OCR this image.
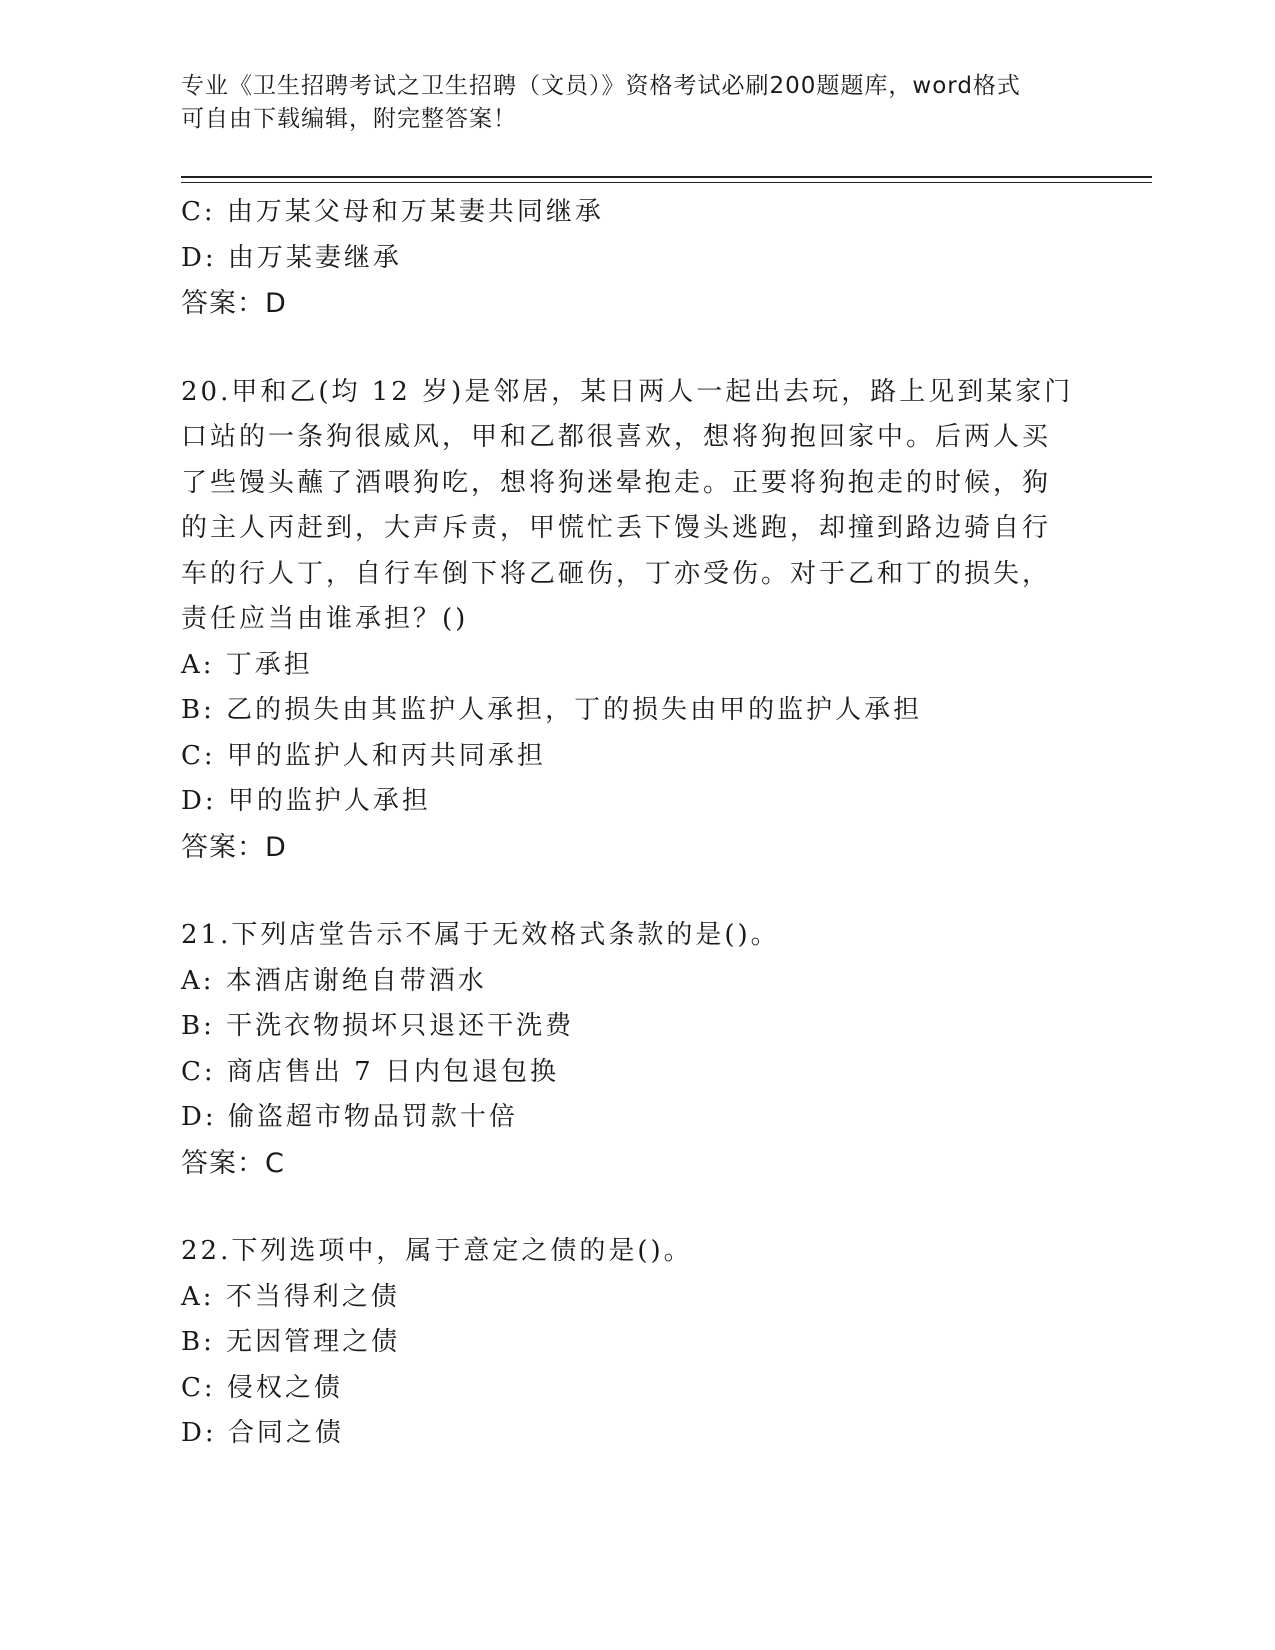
专业《卫生招聘考试之卫生招聘（文员）》资格考试必刷200题题库，word格式
可自由下载编辑，附完整答案！
C: 由万某父母和万某妻共同继承
D: 由万某妻继承
答案：D
20.甲和乙(均 12 岁)是邻居，某日两人一起出去玩，路上见到某家门
口站的一条狗很威风，甲和乙都很喜欢，想将狗抱回家中。后两人买
了些馒头蘸了酒喂狗吃，想将狗迷晕抱走。正要将狗抱走的时候，狗
的主人丙赶到，大声斥责，甲慌忙丢下馒头逃跑，却撞到路边骑自行
车的行人丁，自行车倒下将乙砸伤，丁亦受伤。对于乙和丁的损失，
责任应当由谁承担？()
A: 丁承担
B: 乙的损失由其监护人承担，丁的损失由甲的监护人承担
C: 甲的监护人和丙共同承担
D: 甲的监护人承担
答案：D
21.下列店堂告示不属于无效格式条款的是()。
A: 本酒店谢绝自带酒水
B: 干洗衣物损坏只退还干洗费
C: 商店售出 7 日内包退包换
D: 偷盗超市物品罚款十倍
答案：C
22.下列选项中，属于意定之债的是()。
A: 不当得利之债
B: 无因管理之债
C: 侵权之债
D: 合同之债
